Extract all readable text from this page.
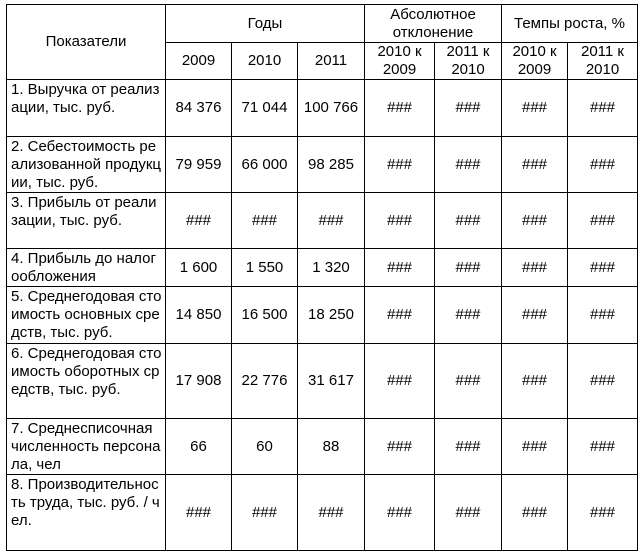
Показатели	Годы			Абсолютное отклонение		Темпы роста, %	
	2009	2010	2011	2010 к 2009	2011 к 2010	2010 к 2009	2011 к 2010
1. Выручка от реализации, тыс. руб.	84 376	71 044	100 766	###	###	###	###
2. Себестоимость реализованной продукции, тыс. руб.	79 959	66 000	98 285	###	###	###	###
3. Прибыль от реализации, тыс. руб.	###	###	###	###	###	###	###
4. Прибыль до налогообложения	1 600	1 550	1 320	###	###	###	###
5. Среднегодовая стоимость основных средств, тыс. руб.	14 850	16 500	18 250	###	###	###	###
6. Среднегодовая стоимость оборотных средств, тыс. руб.	17 908	22 776	31 617	###	###	###	###
7. Среднесписочная численность персонала, чел	66	60	88	###	###	###	###
8. Производительность труда, тыс. руб. / чел.	###	###	###	###	###	###	###
